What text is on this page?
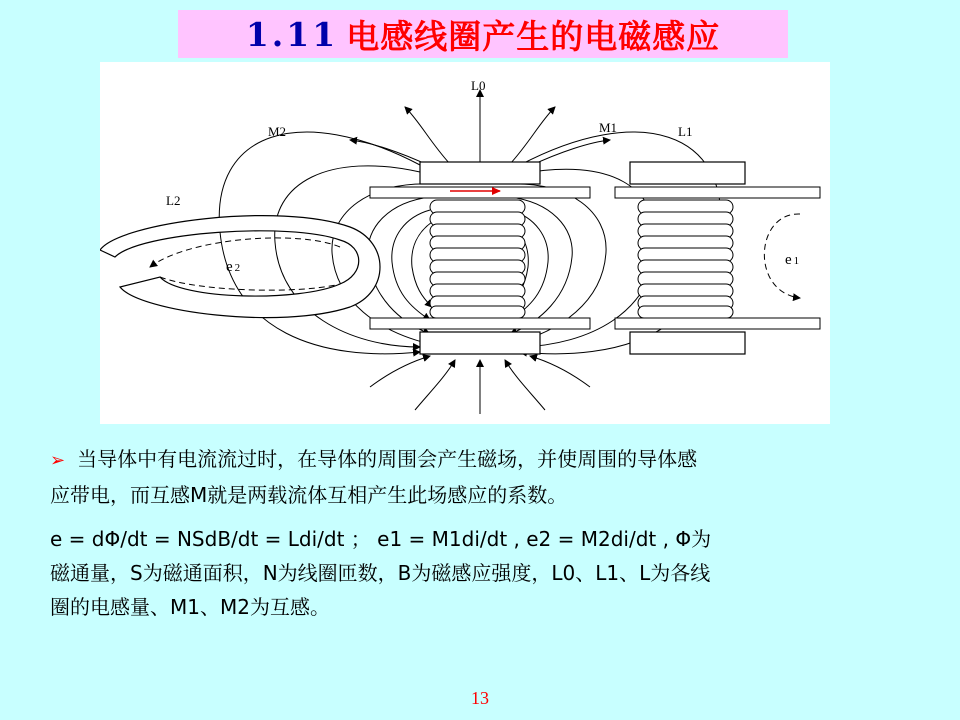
1.11 电感线圈产生的电磁感应
L0
M1	L1
M2
L2
e 2	e 1
➢ 当导体中有电流流过时，在导体的周围会产生磁场，并使周围的导体感
应带电，而互感M就是两载流体互相产生此场感应的系数。
e = dΦ/dt = NSdB/dt = Ldi/dt ； e1 = M1di/dt , e2 = M2di/dt , Φ为
磁通量，S为磁通面积，N为线圈匝数，B为磁感应强度，L0、L1、L为各线
圈的电感量、M1、M2为互感。
13
